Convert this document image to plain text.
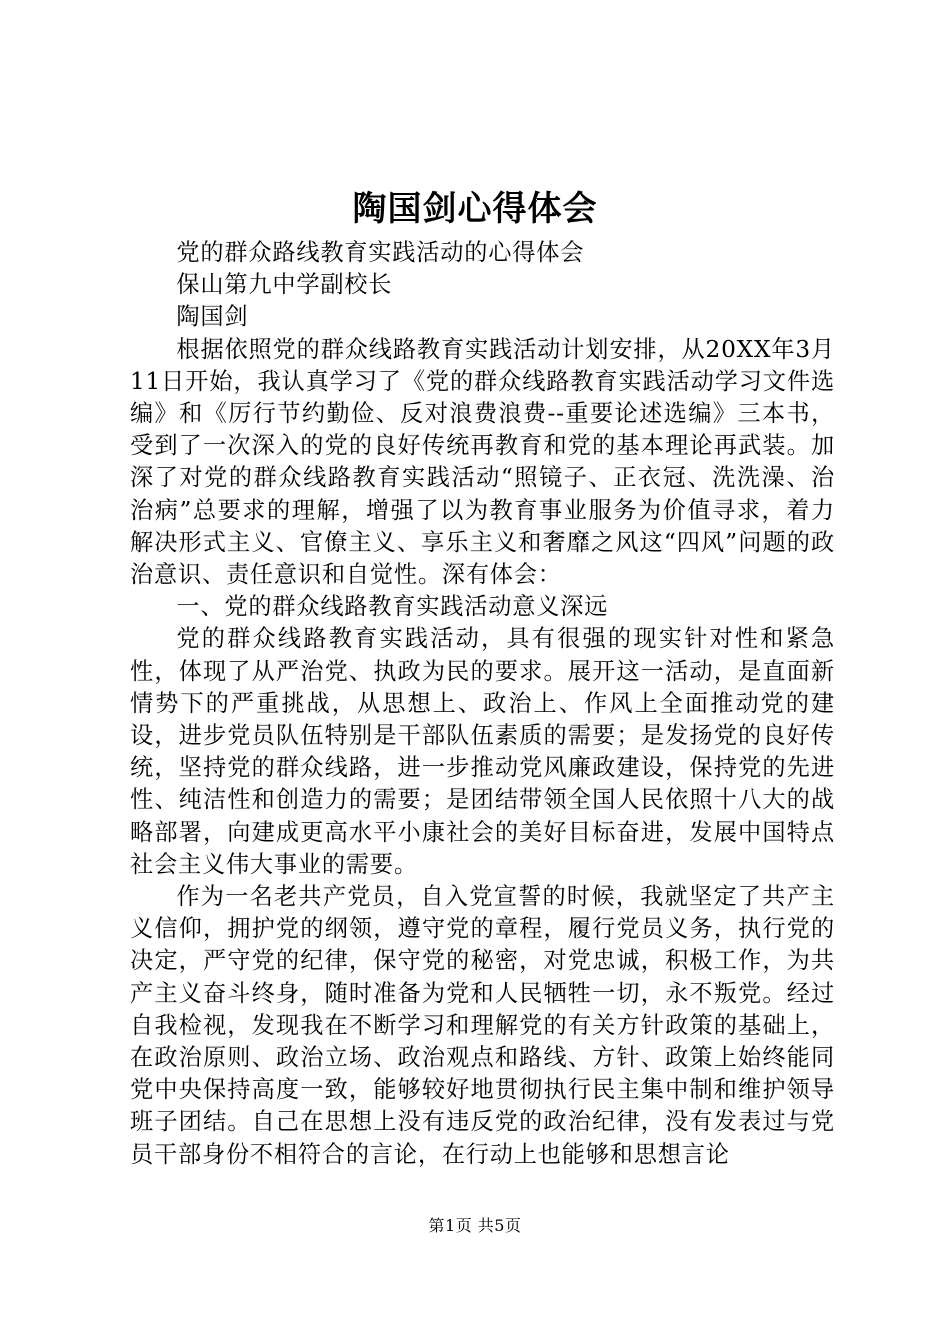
陶国剑心得体会

党的群众路线教育实践活动的心得体会

保山第九中学副校长

陶国剑

根据依照党的群众线路教育实践活动计划安排，从20XX年3月11日开始，我认真学习了《党的群众线路教育实践活动学习文件选编》和《厉行节约勤俭、反对浪费浪费--重要论述选编》三本书，受到了一次深入的党的良好传统再教育和党的基本理论再武装。加深了对党的群众线路教育实践活动“照镜子、正衣冠、洗洗澡、治治病”总要求的理解，增强了以为教育事业服务为价值寻求，着力解决形式主义、官僚主义、享乐主义和奢靡之风这“四风”问题的政治意识、责任意识和自觉性。深有体会：

一、党的群众线路教育实践活动意义深远

党的群众线路教育实践活动，具有很强的现实针对性和紧急性，体现了从严治党、执政为民的要求。展开这一活动，是直面新情势下的严重挑战，从思想上、政治上、作风上全面推动党的建设，进步党员队伍特别是干部队伍素质的需要；是发扬党的良好传统，坚持党的群众线路，进一步推动党风廉政建设，保持党的先进性、纯洁性和创造力的需要；是团结带领全国人民依照十八大的战略部署，向建成更高水平小康社会的美好目标奋进，发展中国特点社会主义伟大事业的需要。

作为一名老共产党员，自入党宣誓的时候，我就坚定了共产主义信仰，拥护党的纲领，遵守党的章程，履行党员义务，执行党的决定，严守党的纪律，保守党的秘密，对党忠诚，积极工作，为共产主义奋斗终身，随时准备为党和人民牺牲一切，永不叛党。经过自我检视，发现我在不断学习和理解党的有关方针政策的基础上，在政治原则、政治立场、政治观点和路线、方针、政策上始终能同党中央保持高度一致，能够较好地贯彻执行民主集中制和维护领导班子团结。自己在思想上没有违反党的政治纪律，没有发表过与党员干部身份不相符合的言论，在行动上也能够和思想言论

第1页 共5页
